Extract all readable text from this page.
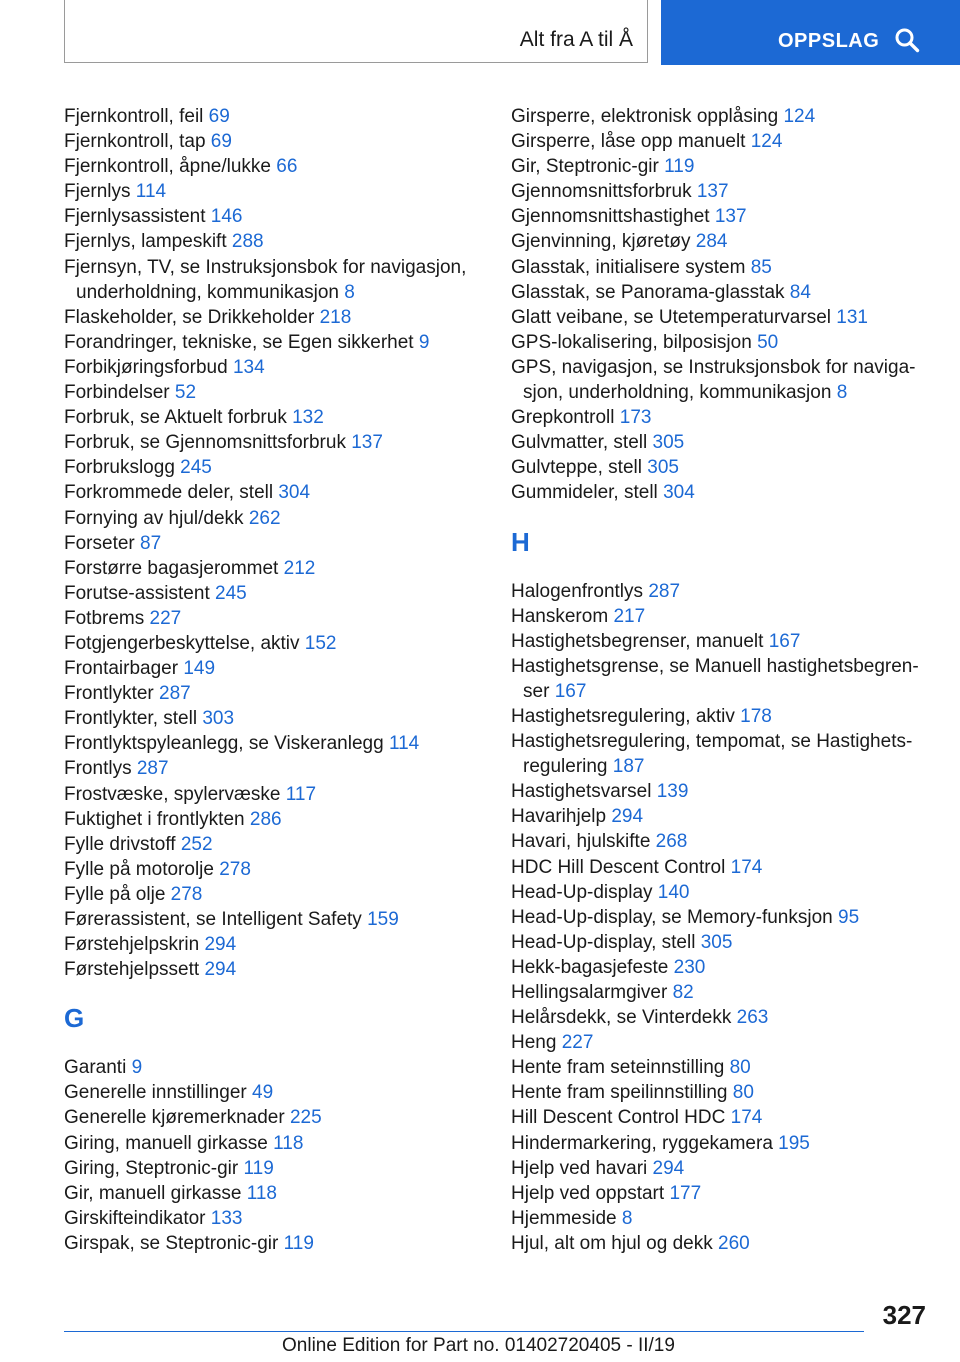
Alt fra A til Å	OPPSLAG

Fjernkontroll, feil 69

Fjernkontroll, tap 69

Fjernkontroll, åpne/lukke 66

Fjernlys 114

Fjernlysassistent 146

Fjernlys, lampeskift 288

Fjernsyn, TV, se Instruksjonsbok for navigasjon, underholdning, kommunikasjon 8

Flaskeholder, se Drikkeholder 218

Forandringer, tekniske, se Egen sikkerhet 9

Forbikjøringsforbud 134

Forbindelser 52

Forbruk, se Aktuelt forbruk 132

Forbruk, se Gjennomsnittsforbruk 137

Forbrukslogg 245

Forkrommede deler, stell 304

Fornying av hjul/dekk 262

Forseter 87

Forstørre bagasjerommet 212

Forutse-assistent 245

Fotbrems 227

Fotgjengerbeskyttelse, aktiv 152

Frontairbager 149

Frontlykter 287

Frontlykter, stell 303

Frontlyktspyleanlegg, se Viskeranlegg 114

Frontlys 287

Frostvæske, spylervæske 117

Fuktighet i frontlykten 286

Fylle drivstoff 252

Fylle på motorolje 278

Fylle på olje 278

Førerassistent, se Intelligent Safety 159

Førstehjelpskrin 294

Førstehjelpssett 294

G

Garanti 9

Generelle innstillinger 49

Generelle kjøremerknader 225

Giring, manuell girkasse 118

Giring, Steptronic-gir 119

Gir, manuell girkasse 118

Girskifteindikator 133

Girspak, se Steptronic-gir 119

Girsperre, elektronisk opplåsing 124

Girsperre, låse opp manuelt 124

Gir, Steptronic-gir 119

Gjennomsnittsforbruk 137

Gjennomsnittshastighet 137

Gjenvinning, kjøretøy 284

Glasstak, initialisere system 85

Glasstak, se Panorama-glasstak 84

Glatt veibane, se Utetemperaturvarsel 131

GPS-lokalisering, bilposisjon 50

GPS, navigasjon, se Instruksjonsbok for navigasjon, underholdning, kommunikasjon 8

Grepkontroll 173

Gulvmatter, stell 305

Gulvteppe, stell 305

Gummideler, stell 304

H

Halogenfrontlys 287

Hanskerom 217

Hastighetsbegrenser, manuelt 167

Hastighetsgrense, se Manuell hastighetsbegrenser 167

Hastighetsregulering, aktiv 178

Hastighetsregulering, tempomat, se Hastighetsregulering 187

Hastighetsvarsel 139

Havarihjelp 294

Havari, hjulskifte 268

HDC Hill Descent Control 174

Head-Up-display 140

Head-Up-display, se Memory-funksjon 95

Head-Up-display, stell 305

Hekk-bagasjefeste 230

Hellingsalarmgiver 82

Helårsdekk, se Vinterdekk 263

Heng 227

Hente fram seteinnstilling 80

Hente fram speilinnstilling 80

Hill Descent Control HDC 174

Hindermarkering, ryggekamera 195

Hjelp ved havari 294

Hjelp ved oppstart 177

Hjemmeside 8

Hjul, alt om hjul og dekk 260

327
Online Edition for Part no. 01402720405 - II/19
